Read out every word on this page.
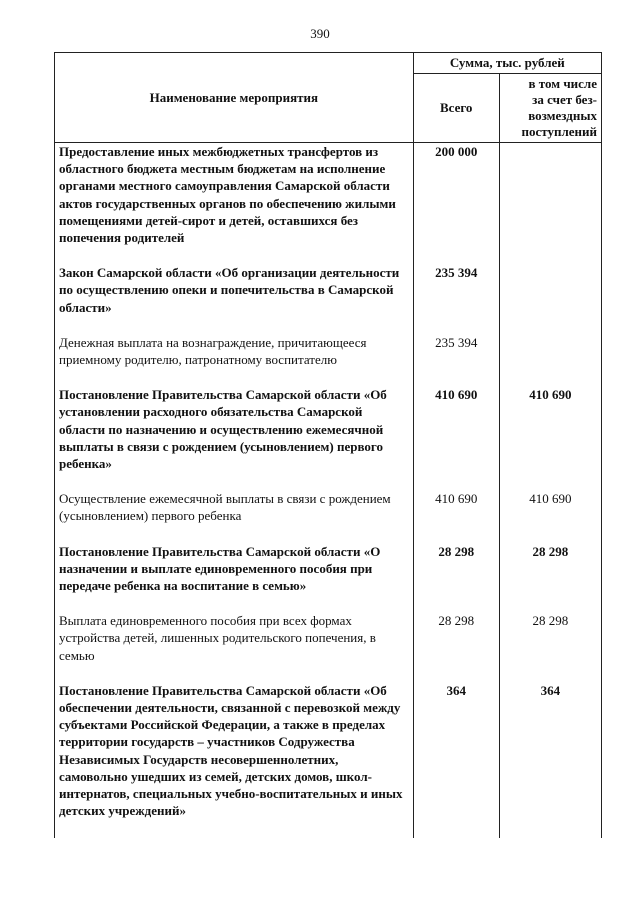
390
Наименование мероприятия	Сумма, тыс. рублей	
	Всего	в том числе
за счет без-
возмездных
поступлений

Предоставление иных межбюджетных трансфертов из областного бюджета местным бюджетам на исполнение органами местного самоуправления Самарской области актов государственных органов по обеспечению жилыми помещениями детей-сирот и детей, оставшихся без попечения родителей	200 000	
Закон Самарской области «Об организации деятельности по осуществлению опеки и попечительства в Самарской области»	235 394	
Денежная выплата на вознаграждение, причитающееся приемному родителю, патронатному воспитателю	235 394	
Постановление Правительства Самарской области «Об установлении расходного обязательства Самарской области по назначению и осуществлению ежемесячной выплаты в связи с рождением (усыновлением) первого ребенка»	410 690	410 690
Осуществление ежемесячной выплаты в связи с рождением (усыновлением) первого ребенка	410 690	410 690
Постановление Правительства Самарской области «О назначении и выплате единовременного пособия при передаче ребенка на воспитание в семью»	28 298	28 298
Выплата единовременного пособия при всех формах устройства детей, лишенных родительского попечения, в семью	28 298	28 298
Постановление Правительства Самарской области «Об обеспечении деятельности, связанной с перевозкой между субъектами Российской Федерации, а также в пределах территории государств – участников Содружества Независимых Государств несовершеннолетних, самовольно ушедших из семей, детских домов, школ-интернатов, специальных учебно-воспитательных и иных детских учреждений»	364	364
